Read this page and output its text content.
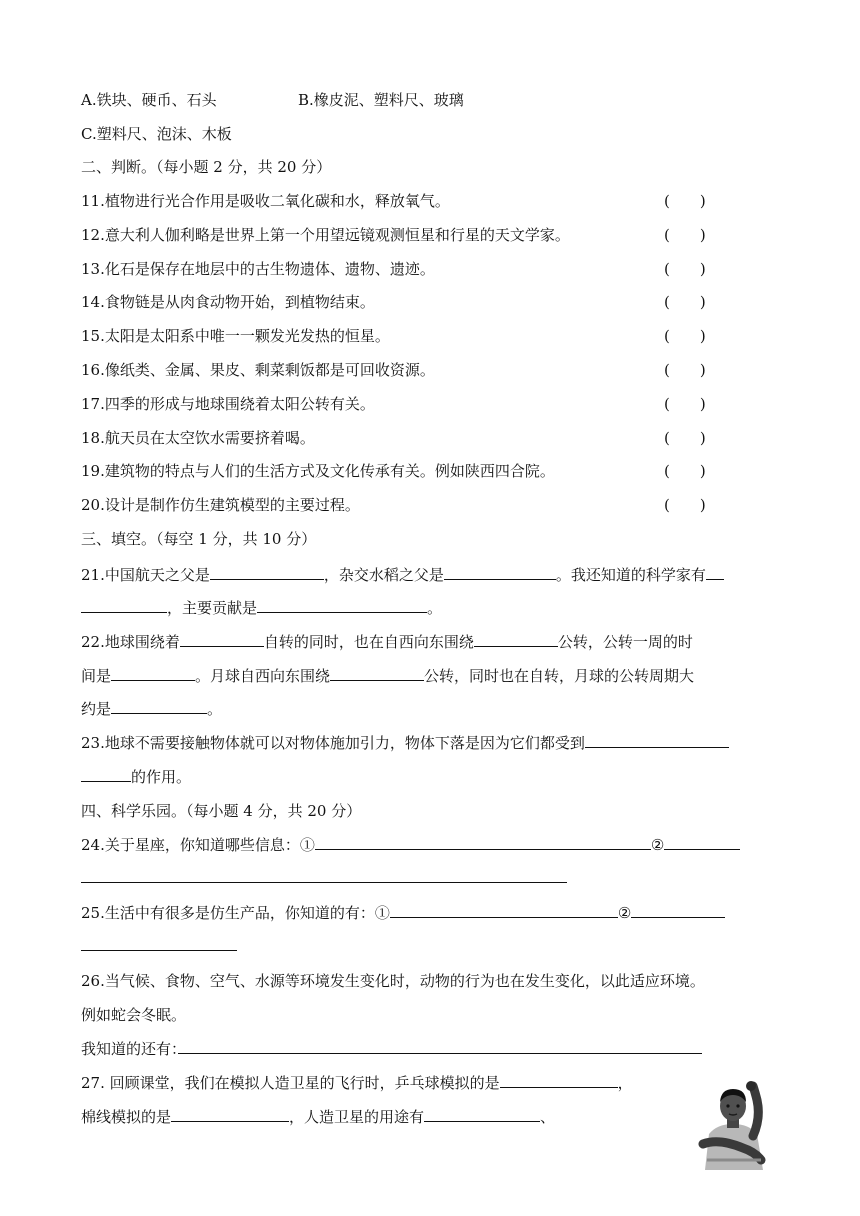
A.铁块、硬币、石头	B.橡皮泥、塑料尺、玻璃
C.塑料尺、泡沫、木板
二、判断。（每小题 2 分，共 20 分）
11.植物进行光合作用是吸收二氧化碳和水，释放氧气。	(　　)
12.意大利人伽利略是世界上第一个用望远镜观测恒星和行星的天文学家。	(　　)
13.化石是保存在地层中的古生物遗体、遗物、遗迹。	(　　)
14.食物链是从肉食动物开始，到植物结束。	(　　)
15.太阳是太阳系中唯一一颗发光发热的恒星。	(　　)
16.像纸类、金属、果皮、剩菜剩饭都是可回收资源。	(　　)
17.四季的形成与地球围绕着太阳公转有关。	(　　)
18.航天员在太空饮水需要挤着喝。	(　　)
19.建筑物的特点与人们的生活方式及文化传承有关。例如陕西四合院。	(　　)
20.设计是制作仿生建筑模型的主要过程。	(　　)
三、填空。（每空 1 分，共 10 分）
21.中国航天之父是	，杂交水稻之父是	。我还知道的科学家有
，主要贡献是	。
22.地球围绕着	自转的同时，也在自西向东围绕	公转，公转一周的时
间是	。月球自西向东围绕	公转，同时也在自转，月球的公转周期大
约是	。
23.地球不需要接触物体就可以对物体施加引力，物体下落是因为它们都受到
的作用。
四、科学乐园。（每小题 4 分，共 20 分）
24.关于星座，你知道哪些信息：①	②
25.生活中有很多是仿生产品，你知道的有：①	②
26.当气候、食物、空气、水源等环境发生变化时，动物的行为也在发生变化，以此适应环境。
例如蛇会冬眠。
我知道的还有：
27. 回顾课堂，我们在模拟人造卫星的飞行时，乒乓球模拟的是	，
棉线模拟的是	，人造卫星的用途有	、
